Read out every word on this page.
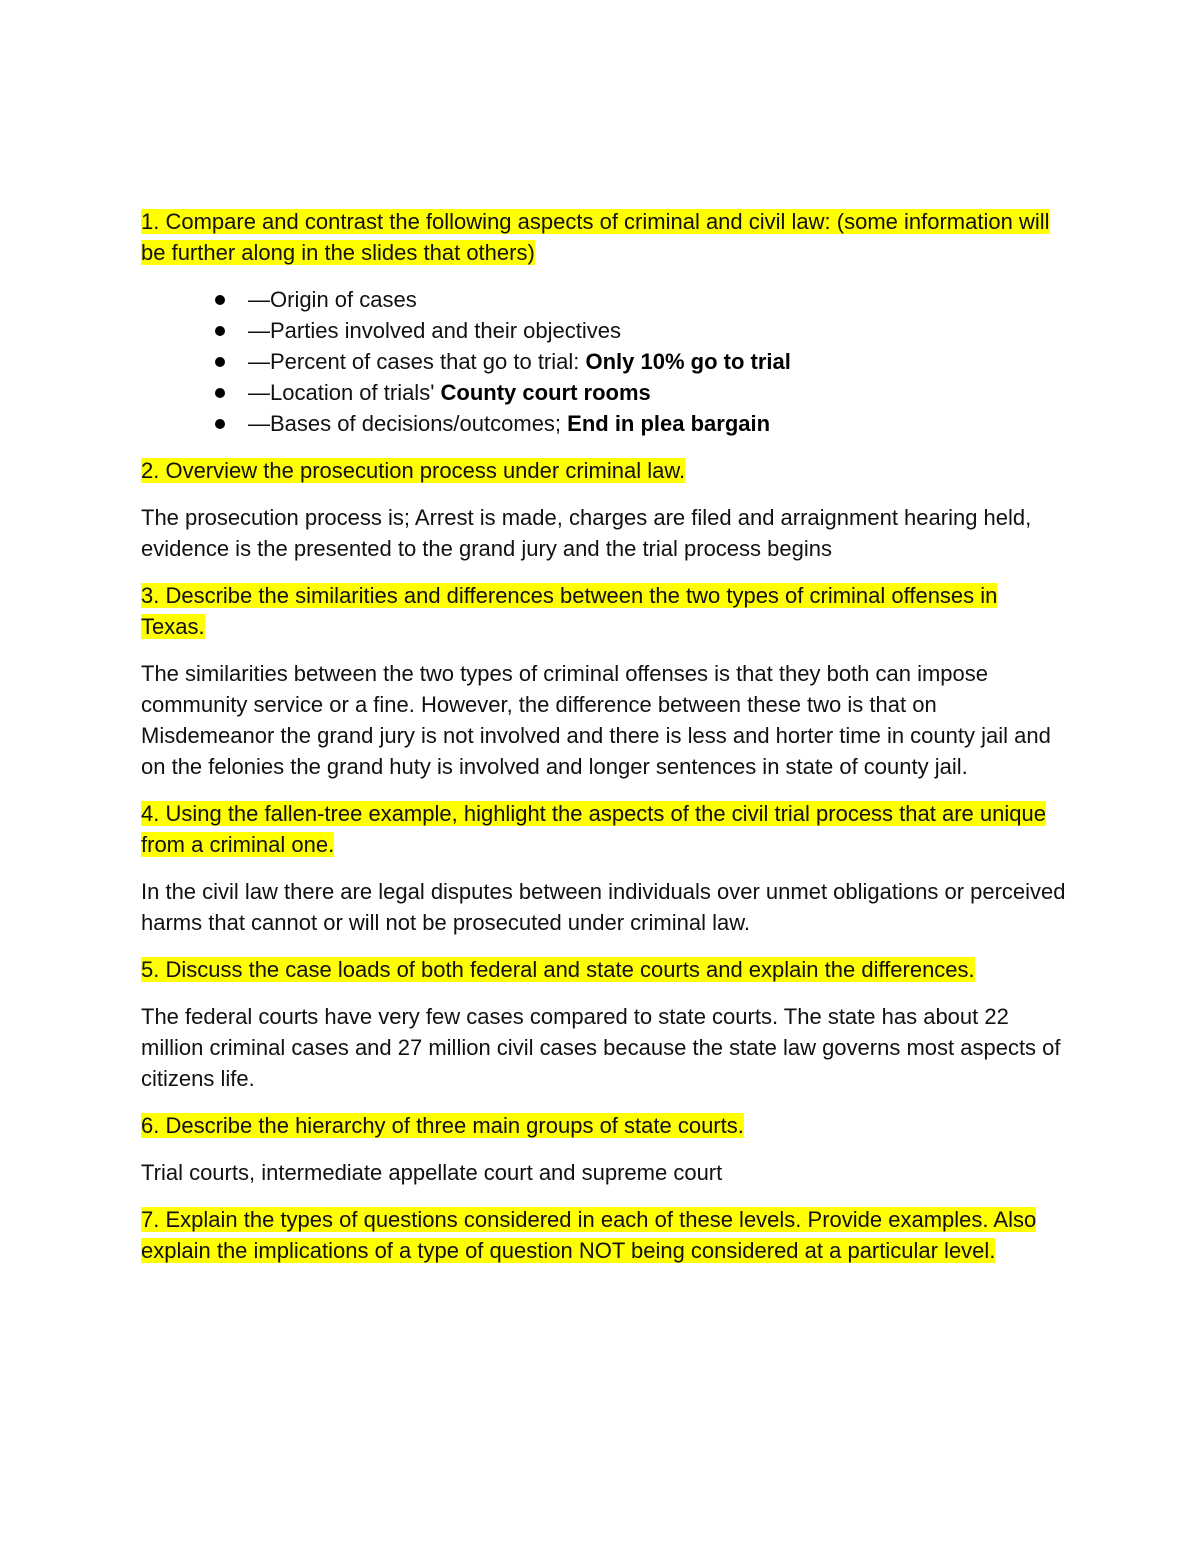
1. Compare and contrast the following aspects of criminal and civil law: (some information will be further along in the slides that others)

—Origin of cases
—Parties involved and their objectives
—Percent of cases that go to trial: Only 10% go to trial
—Location of trials' County court rooms
—Bases of decisions/outcomes; End in plea bargain

2. Overview the prosecution process under criminal law.

The prosecution process is; Arrest is made, charges are filed and arraignment hearing held, evidence is the presented to the grand jury and the trial process begins

3. Describe the similarities and differences between the two types of criminal offenses in Texas.

The similarities between the two types of criminal offenses is that they both can impose community service or a fine. However, the difference between these two is that on Misdemeanor the grand jury is not involved and there is less and horter time in county jail and on the felonies the grand huty is involved and longer sentences in state of county jail.

4. Using the fallen-tree example, highlight the aspects of the civil trial process that are unique from a criminal one.

In the civil law there are legal disputes between individuals over unmet obligations or perceived harms that cannot or will not be prosecuted under criminal law.

5. Discuss the case loads of both federal and state courts and explain the differences.

The federal courts have very few cases compared to state courts. The state has about 22 million criminal cases and 27 million civil cases because the state law governs most aspects of citizens life.

6. Describe the hierarchy of three main groups of state courts.

Trial courts, intermediate appellate court and supreme court

7. Explain the types of questions considered in each of these levels. Provide examples. Also explain the implications of a type of question NOT being considered at a particular level.
